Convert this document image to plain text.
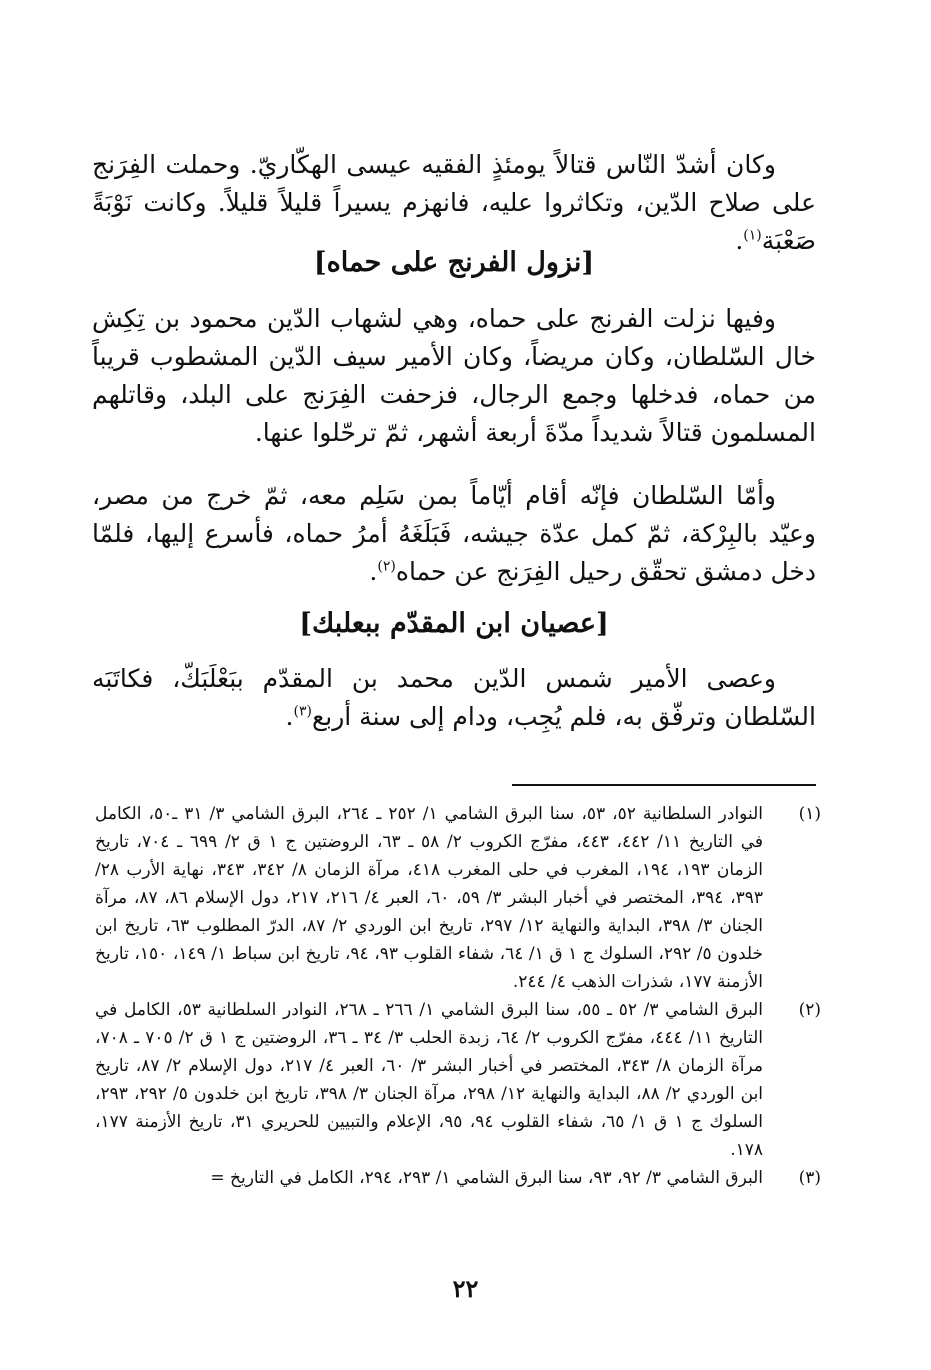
وكان أشدّ النّاس قتالاً يومئذٍ الفقيه عيسى الهكّاريّ. وحملت الفِرَنج على صلاح الدّين، وتكاثروا عليه، فانهزم يسيراً قليلاً قليلاً. وكانت نَوْبَةً صَعْبَة$^{(١)}$.

[نزول الفرنج على حماه]

وفيها نزلت الفرنج على حماه، وهي لشهاب الدّين محمود بن تِكِش خال السّلطان، وكان مريضاً، وكان الأمير سيف الدّين المشطوب قريباً من حماه، فدخلها وجمع الرجال، فزحفت الفِرَنج على البلد، وقاتلهم المسلمون قتالاً شديداً مدّةَ أربعة أشهر، ثمّ ترحّلوا عنها.

وأمّا السّلطان فإنّه أقام أيّاماً بمن سَلِم معه، ثمّ خرج من مصر، وعيّد بالبِرْكة، ثمّ كمل عدّة جيشه، فَبَلَغَهُ أمرُ حماه، فأسرع إليها، فلمّا دخل دمشق تحقّق رحيل الفِرَنج عن حماه$^{(٢)}$.

[عصيان ابن المقدّم ببعلبك]

وعصى الأمير شمس الدّين محمد بن المقدّم ببَعْلَبَكّ، فكاتَبَه السّلطان وترفّق به، فلم يُجِب، ودام إلى سنة أربع$^{(٣)}$.

(١)
النوادر السلطانية ٥٢، ٥٣، سنا البرق الشامي ١/ ٢٥٢ ـ ٢٦٤، البرق الشامي ٣/ ٣١ ـ٥٠، الكامل في التاريخ ١١/ ٤٤٢، ٤٤٣، مفرّج الكروب ٢/ ٥٨ ـ ٦٣، الروضتين ج ١ ق ٢/ ٦٩٩ ـ ٧٠٤، تاريخ الزمان ١٩٣، ١٩٤، المغرب في حلى المغرب ٤١٨، مرآة الزمان ٨/ ٣٤٢، ٣٤٣، نهاية الأرب ٢٨/ ٣٩٣، ٣٩٤، المختصر في أخبار البشر ٣/ ٥٩، ٦٠، العبر ٤/ ٢١٦، ٢١٧، دول الإسلام ٨٦، ٨٧، مرآة الجنان ٣/ ٣٩٨، البداية والنهاية ١٢/ ٢٩٧، تاريخ ابن الوردي ٢/ ٨٧، الدرّ المطلوب ٦٣، تاريخ ابن خلدون ٥/ ٢٩٢، السلوك ج ١ ق ١/ ٦٤، شفاء القلوب ٩٣، ٩٤، تاريخ ابن سباط ١/ ١٤٩، ١٥٠، تاريخ الأزمنة ١٧٧، شذرات الذهب ٤/ ٢٤٤.
(٢)
البرق الشامي ٣/ ٥٢ ـ ٥٥، سنا البرق الشامي ١/ ٢٦٦ ـ ٢٦٨، النوادر السلطانية ٥٣، الكامل في التاريخ ١١/ ٤٤٤، مفرّج الكروب ٢/ ٦٤، زبدة الحلب ٣/ ٣٤ ـ ٣٦، الروضتين ج ١ ق ٢/ ٧٠٥ ـ ٧٠٨، مرآة الزمان ٨/ ٣٤٣، المختصر في أخبار البشر ٣/ ٦٠، العبر ٤/ ٢١٧، دول الإسلام ٢/ ٨٧، تاريخ ابن الوردي ٢/ ٨٨، البداية والنهاية ١٢/ ٢٩٨، مرآة الجنان ٣/ ٣٩٨، تاريخ ابن خلدون ٥/ ٢٩٢، ٢٩٣، السلوك ج ١ ق ١/ ٦٥، شفاء القلوب ٩٤، ٩٥، الإعلام والتبيين للحريري ٣١، تاريخ الأزمنة ١٧٧، ١٧٨.
(٣)
البرق الشامي ٣/ ٩٢، ٩٣، سنا البرق الشامي ١/ ٢٩٣، ٢٩٤، الكامل في التاريخ =
٢٢
